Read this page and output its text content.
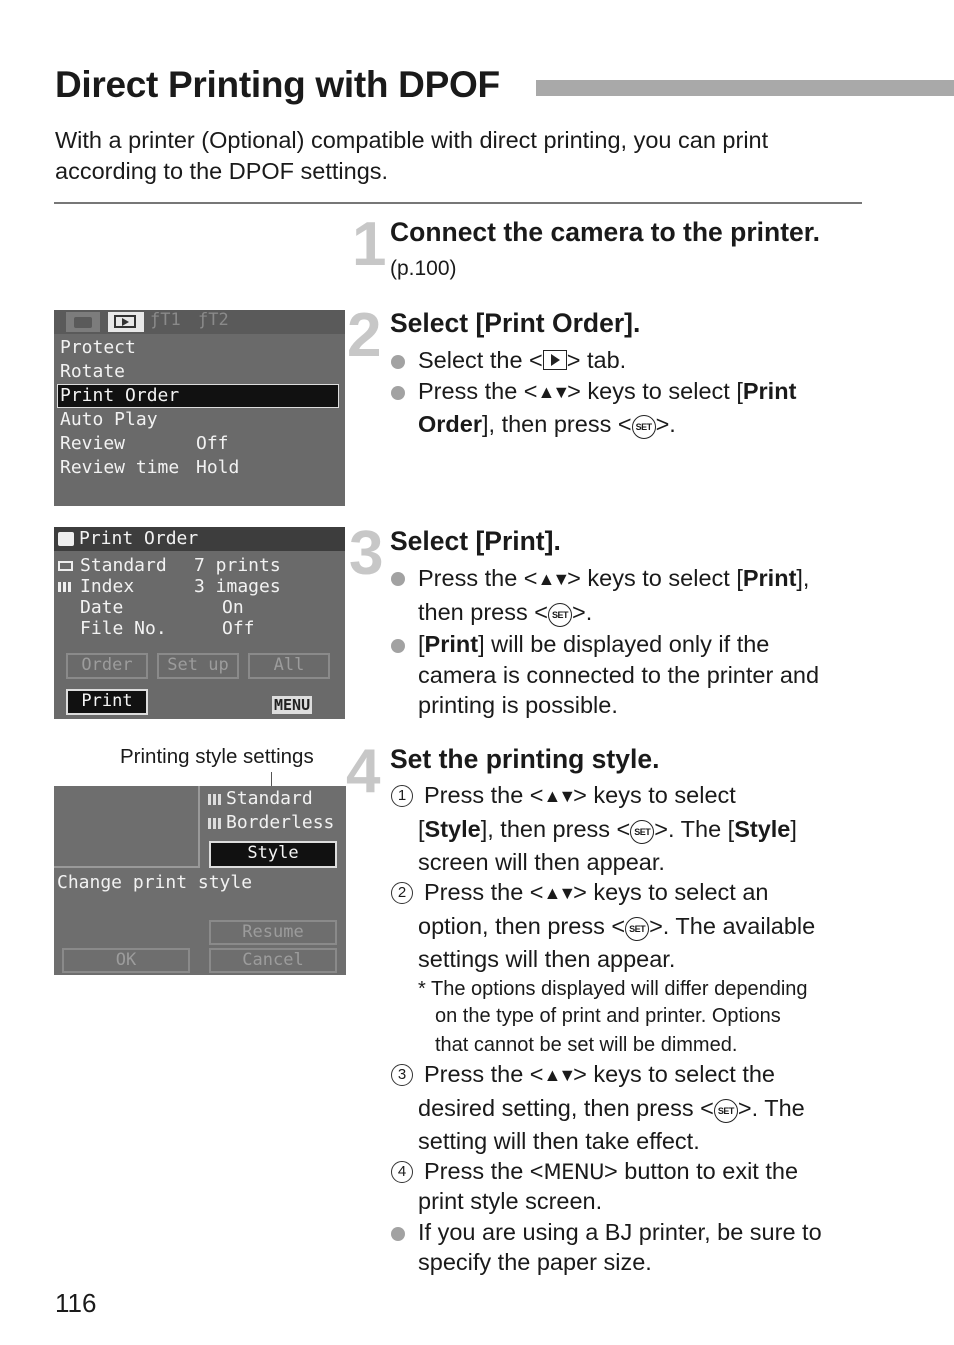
Direct Printing with DPOF
With a printer (Optional) compatible with direct printing, you can print
according to the DPOF settings.
1 Connect the camera to the printer.
(p.100)
ƒT1 ƒT2
Protect
Rotate
Print Order
Auto Play
Review	Off
Review time Hold
2 Select [Print Order].
Select the < > tab.
Press the <▲▼> keys to select [Print
Order], then press < SET >.
Print Order
Standard 7 prints
Index	3 images
Date	On
File No.	Off
Order	Set up	All
Print	MENU
3 Select [Print].
Press the <▲▼> keys to select [Print],
then press < SET >.
[Print] will be displayed only if the
camera is connected to the printer and
printing is possible.
Printing style settings
Standard
Borderless
Style
Change print style
Resume
OK	Cancel
4 Set the printing style.
1 Press the <▲▼> keys to select
[Style], then press < SET >. The [Style]
screen will then appear.
2 Press the <▲▼> keys to select an
option, then press < SET >. The available
settings will then appear.
* The options displayed will differ depending
on the type of print and printer. Options
that cannot be set will be dimmed.
3 Press the <▲▼> keys to select the
desired setting, then press < SET >. The
setting will then take effect.
4 Press the <MENU> button to exit the
print style screen.
If you are using a BJ printer, be sure to
specify the paper size.
116
